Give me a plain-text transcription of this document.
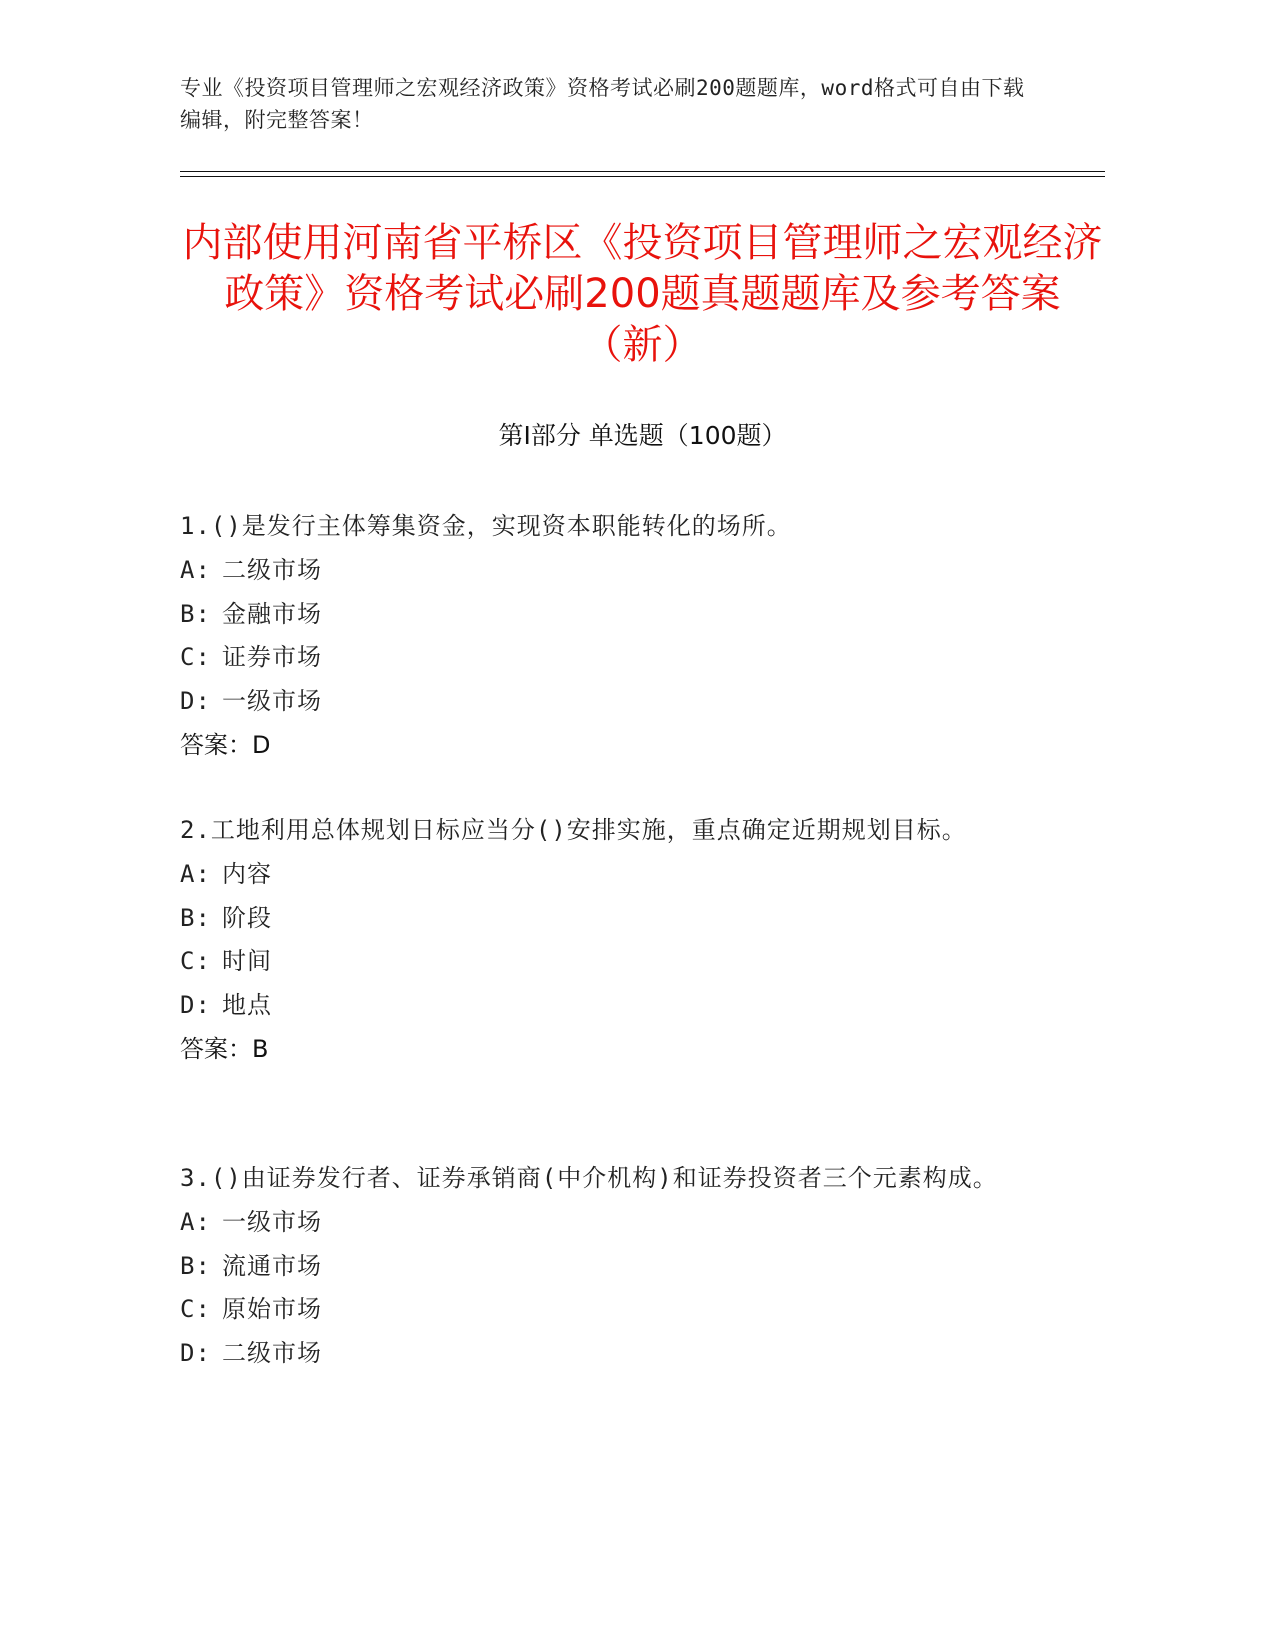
专业《投资项目管理师之宏观经济政策》资格考试必刷200题题库，word格式可自由下载编辑，附完整答案！
内部使用河南省平桥区《投资项目管理师之宏观经济政策》资格考试必刷200题真题题库及参考答案（新）
第Ⅰ部分 单选题（100题）
1.()是发行主体筹集资金，实现资本职能转化的场所。
A: 二级市场
B: 金融市场
C: 证券市场
D: 一级市场
答案：D
2.工地利用总体规划日标应当分()安排实施，重点确定近期规划目标。
A: 内容
B: 阶段
C: 时间
D: 地点
答案：B
3.()由证券发行者、证券承销商(中介机构)和证券投资者三个元素构成。
A: 一级市场
B: 流通市场
C: 原始市场
D: 二级市场
